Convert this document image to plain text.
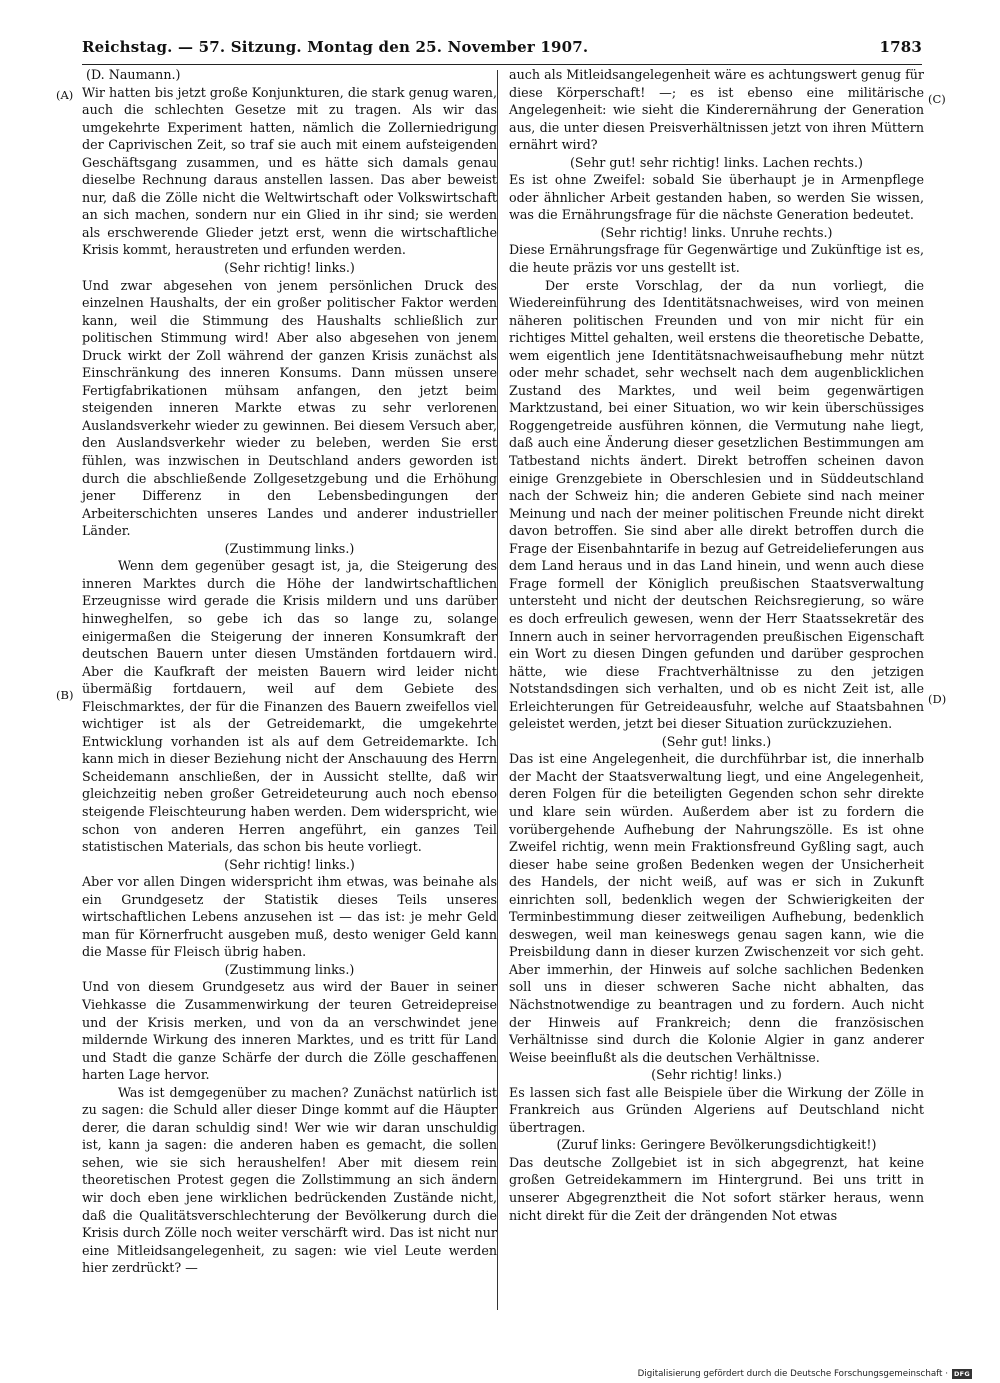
Reichstag. — 57. Sitzung. Montag den 25. November 1907.	1783
(A)
(B)
(C)
(D)

(D. Naumann.)

Wir hatten bis jetzt große Konjunkturen, die stark genug waren, auch die schlechten Gesetze mit zu tragen. Als wir das umgekehrte Experiment hatten, nämlich die Zollerniedrigung der Caprivischen Zeit, so traf sie auch mit einem aufsteigenden Geschäftsgang zusammen, und es hätte sich damals genau dieselbe Rechnung daraus anstellen lassen. Das aber beweist nur, daß die Zölle nicht die Weltwirtschaft oder Volkswirtschaft an sich machen, sondern nur ein Glied in ihr sind; sie werden als erschwerende Glieder jetzt erst, wenn die wirtschaftliche Krisis kommt, heraustreten und erfunden werden.

(Sehr richtig! links.)

Und zwar abgesehen von jenem persönlichen Druck des einzelnen Haushalts, der ein großer politischer Faktor werden kann, weil die Stimmung des Haushalts schließlich zur politischen Stimmung wird! Aber also abgesehen von jenem Druck wirkt der Zoll während der ganzen Krisis zunächst als Einschränkung des inneren Konsums. Dann müssen unsere Fertigfabrikationen mühsam anfangen, den jetzt beim steigenden inneren Markte etwas zu sehr verlorenen Auslandsverkehr wieder zu gewinnen. Bei diesem Versuch aber, den Auslandsverkehr wieder zu beleben, werden Sie erst fühlen, was inzwischen in Deutschland anders geworden ist durch die abschließende Zollgesetzgebung und die Erhöhung jener Differenz in den Lebensbedingungen der Arbeiterschichten unseres Landes und anderer industrieller Länder.

(Zustimmung links.)

Wenn dem gegenüber gesagt ist, ja, die Steigerung des inneren Marktes durch die Höhe der landwirtschaftlichen Erzeugnisse wird gerade die Krisis mildern und uns darüber hinweghelfen, so gebe ich das so lange zu, solange einigermaßen die Steigerung der inneren Konsumkraft der deutschen Bauern unter diesen Umständen fortdauern wird. Aber die Kaufkraft der meisten Bauern wird leider nicht übermäßig fortdauern, weil auf dem Gebiete des Fleischmarktes, der für die Finanzen des Bauern zweifellos viel wichtiger ist als der Getreidemarkt, die umgekehrte Entwicklung vorhanden ist als auf dem Getreidemarkte. Ich kann mich in dieser Beziehung nicht der Anschauung des Herrn Scheidemann anschließen, der in Aussicht stellte, daß wir gleichzeitig neben großer Getreideteurung auch noch ebenso steigende Fleischteurung haben werden. Dem widerspricht, wie schon von anderen Herren angeführt, ein ganzes Teil statistischen Materials, das schon bis heute vorliegt.

(Sehr richtig! links.)

Aber vor allen Dingen widerspricht ihm etwas, was beinahe als ein Grundgesetz der Statistik dieses Teils unseres wirtschaftlichen Lebens anzusehen ist — das ist: je mehr Geld man für Körnerfrucht ausgeben muß, desto weniger Geld kann die Masse für Fleisch übrig haben.

(Zustimmung links.)

Und von diesem Grundgesetz aus wird der Bauer in seiner Viehkasse die Zusammenwirkung der teuren Getreidepreise und der Krisis merken, und von da an verschwindet jene mildernde Wirkung des inneren Marktes, und es tritt für Land und Stadt die ganze Schärfe der durch die Zölle geschaffenen harten Lage hervor.

Was ist demgegenüber zu machen? Zunächst natürlich ist zu sagen: die Schuld aller dieser Dinge kommt auf die Häupter derer, die daran schuldig sind! Wer wie wir daran unschuldig ist, kann ja sagen: die anderen haben es gemacht, die sollen sehen, wie sie sich heraushelfen! Aber mit diesem rein theoretischen Protest gegen die Zollstimmung an sich ändern wir doch eben jene wirklichen bedrückenden Zustände nicht, daß die Qualitätsverschlechterung der Bevölkerung durch die Krisis durch Zölle noch weiter verschärft wird. Das ist nicht nur eine Mitleidsangelegenheit, zu sagen: wie viel Leute werden hier zerdrückt? —

auch als Mitleidsangelegenheit wäre es achtungswert genug für diese Körperschaft! —; es ist ebenso eine militärische Angelegenheit: wie sieht die Kinderernährung der Generation aus, die unter diesen Preisverhältnissen jetzt von ihren Müttern ernährt wird?

(Sehr gut! sehr richtig! links. Lachen rechts.)

Es ist ohne Zweifel: sobald Sie überhaupt je in Armenpflege oder ähnlicher Arbeit gestanden haben, so werden Sie wissen, was die Ernährungsfrage für die nächste Generation bedeutet.

(Sehr richtig! links. Unruhe rechts.)

Diese Ernährungsfrage für Gegenwärtige und Zukünftige ist es, die heute präzis vor uns gestellt ist.

Der erste Vorschlag, der da nun vorliegt, die Wiedereinführung des Identitätsnachweises, wird von meinen näheren politischen Freunden und von mir nicht für ein richtiges Mittel gehalten, weil erstens die theoretische Debatte, wem eigentlich jene Identitätsnachweisaufhebung mehr nützt oder mehr schadet, sehr wechselt nach dem augenblicklichen Zustand des Marktes, und weil beim gegenwärtigen Marktzustand, bei einer Situation, wo wir kein überschüssiges Roggengetreide ausführen können, die Vermutung nahe liegt, daß auch eine Änderung dieser gesetzlichen Bestimmungen am Tatbestand nichts ändert. Direkt betroffen scheinen davon einige Grenzgebiete in Oberschlesien und in Süddeutschland nach der Schweiz hin; die anderen Gebiete sind nach meiner Meinung und nach der meiner politischen Freunde nicht direkt davon betroffen. Sie sind aber alle direkt betroffen durch die Frage der Eisenbahntarife in bezug auf Getreidelieferungen aus dem Land heraus und in das Land hinein, und wenn auch diese Frage formell der Königlich preußischen Staatsverwaltung untersteht und nicht der deutschen Reichsregierung, so wäre es doch erfreulich gewesen, wenn der Herr Staatssekretär des Innern auch in seiner hervorragenden preußischen Eigenschaft ein Wort zu diesen Dingen gefunden und darüber gesprochen hätte, wie diese Frachtverhältnisse zu den jetzigen Notstandsdingen sich verhalten, und ob es nicht Zeit ist, alle Erleichterungen für Getreideausfuhr, welche auf Staatsbahnen geleistet werden, jetzt bei dieser Situation zurückzuziehen.

(Sehr gut! links.)

Das ist eine Angelegenheit, die durchführbar ist, die innerhalb der Macht der Staatsverwaltung liegt, und eine Angelegenheit, deren Folgen für die beteiligten Gegenden schon sehr direkte und klare sein würden. Außerdem aber ist zu fordern die vorübergehende Aufhebung der Nahrungszölle. Es ist ohne Zweifel richtig, wenn mein Fraktionsfreund Gyßling sagt, auch dieser habe seine großen Bedenken wegen der Unsicherheit des Handels, der nicht weiß, auf was er sich in Zukunft einrichten soll, bedenklich wegen der Schwierigkeiten der Terminbestimmung dieser zeitweiligen Aufhebung, bedenklich deswegen, weil man keineswegs genau sagen kann, wie die Preisbildung dann in dieser kurzen Zwischenzeit vor sich geht. Aber immerhin, der Hinweis auf solche sachlichen Bedenken soll uns in dieser schweren Sache nicht abhalten, das Nächstnotwendige zu beantragen und zu fordern. Auch nicht der Hinweis auf Frankreich; denn die französischen Verhältnisse sind durch die Kolonie Algier in ganz anderer Weise beeinflußt als die deutschen Verhältnisse.

(Sehr richtig! links.)

Es lassen sich fast alle Beispiele über die Wirkung der Zölle in Frankreich aus Gründen Algeriens auf Deutschland nicht übertragen.

(Zuruf links: Geringere Bevölkerungsdichtigkeit!)

Das deutsche Zollgebiet ist in sich abgegrenzt, hat keine großen Getreidekammern im Hintergrund. Bei uns tritt in unserer Abgegrenztheit die Not sofort stärker heraus, wenn nicht direkt für die Zeit der drängenden Not etwas

Digitalisierung gefördert durch die Deutsche Forschungsgemeinschaft · DFG
